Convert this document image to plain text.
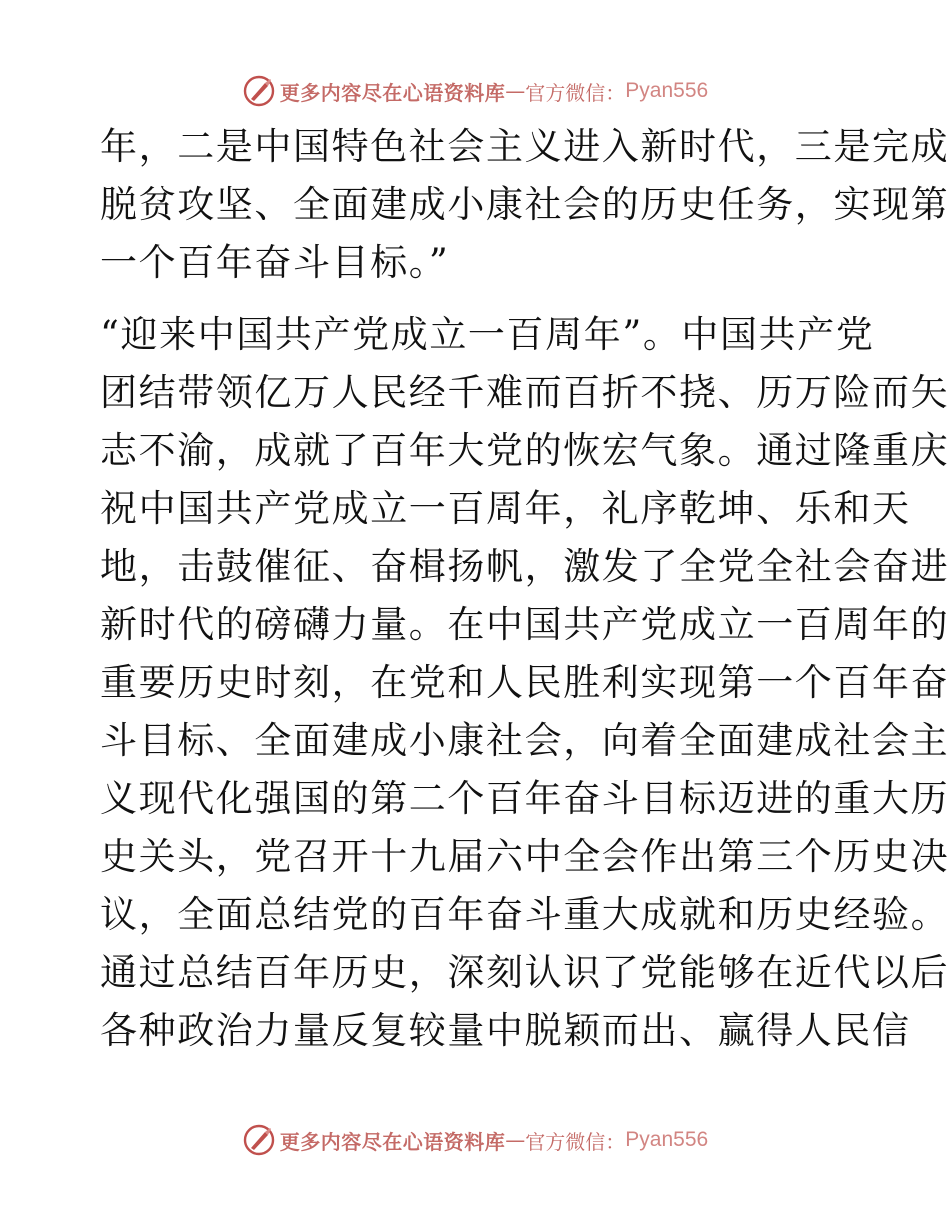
更多内容尽在心语资料库 — 官方微信： Pyan556
年，二是中国特色社会主义进入新时代，三是完成
脱贫攻坚、全面建成小康社会的历史任务，实现第
一个百年奋斗目标。”
“迎来中国共产党成立一百周年”。中国共产党
团结带领亿万人民经千难而百折不挠、历万险而矢
志不渝，成就了百年大党的恢宏气象。通过隆重庆
祝中国共产党成立一百周年，礼序乾坤、乐和天
地，击鼓催征、奋楫扬帆，激发了全党全社会奋进
新时代的磅礴力量。在中国共产党成立一百周年的
重要历史时刻，在党和人民胜利实现第一个百年奋
斗目标、全面建成小康社会，向着全面建成社会主
义现代化强国的第二个百年奋斗目标迈进的重大历
史关头，党召开十九届六中全会作出第三个历史决
议，全面总结党的百年奋斗重大成就和历史经验。
通过总结百年历史，深刻认识了党能够在近代以后
各种政治力量反复较量中脱颖而出、赢得人民信
更多内容尽在心语资料库 — 官方微信： Pyan556
